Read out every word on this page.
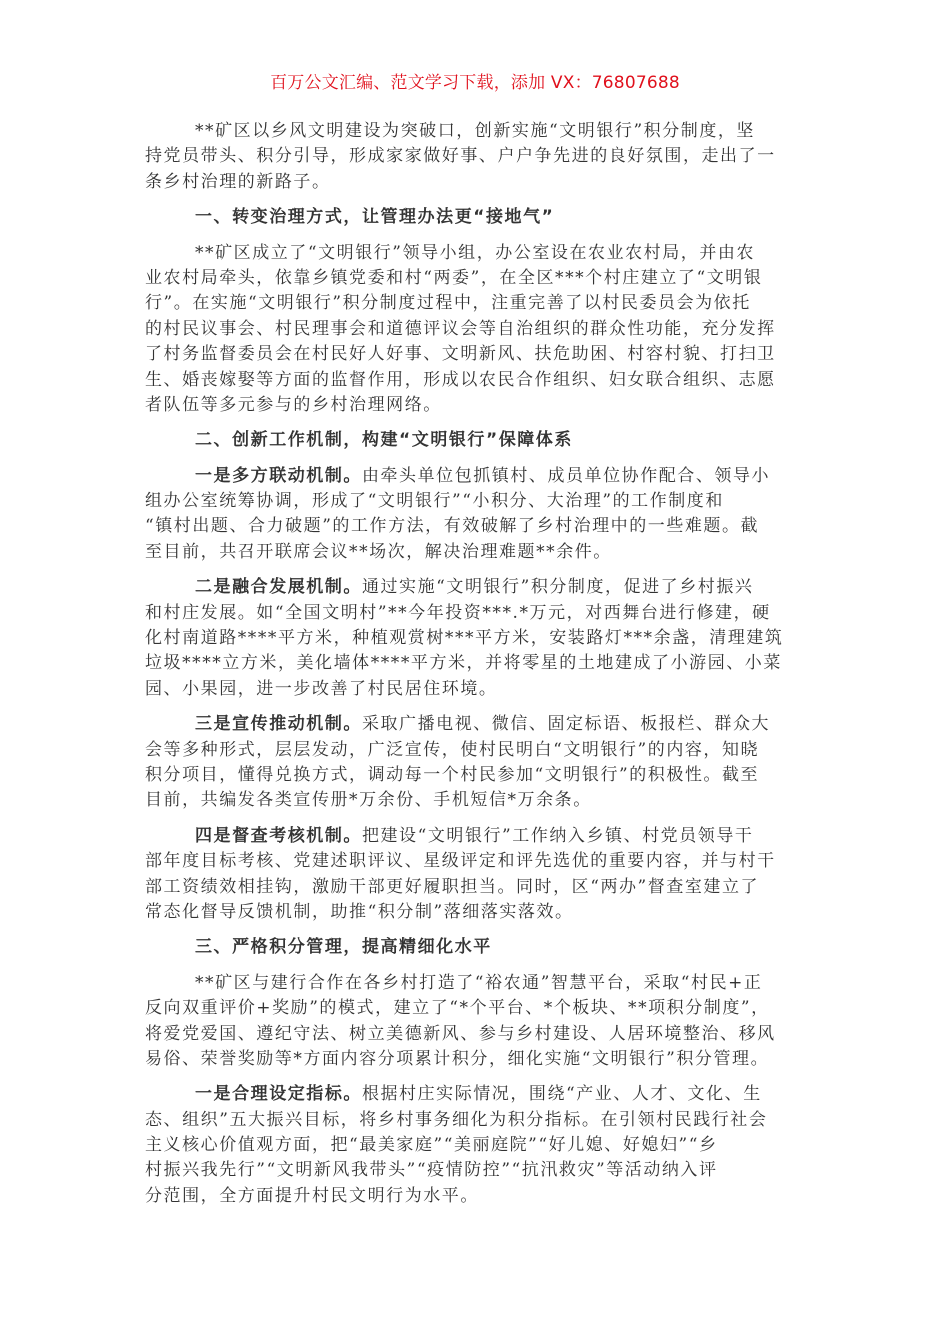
百万公文汇编、范文学习下载，添加 VX：76807688
**矿区以乡风文明建设为突破口，创新实施“文明银行”积分制度，坚
持党员带头、积分引导，形成家家做好事、户户争先进的良好氛围，走出了一
条乡村治理的新路子。
一、转变治理方式，让管理办法更“接地气”
**矿区成立了“文明银行”领导小组，办公室设在农业农村局，并由农
业农村局牵头，依靠乡镇党委和村“两委”，在全区***个村庄建立了“文明银
行”。在实施“文明银行”积分制度过程中，注重完善了以村民委员会为依托
的村民议事会、村民理事会和道德评议会等自治组织的群众性功能，充分发挥
了村务监督委员会在村民好人好事、文明新风、扶危助困、村容村貌、打扫卫
生、婚丧嫁娶等方面的监督作用，形成以农民合作组织、妇女联合组织、志愿
者队伍等多元参与的乡村治理网络。
二、创新工作机制，构建“文明银行”保障体系
一是多方联动机制。由牵头单位包抓镇村、成员单位协作配合、领导小
组办公室统筹协调，形成了“文明银行”“小积分、大治理”的工作制度和
“镇村出题、合力破题”的工作方法，有效破解了乡村治理中的一些难题。截
至目前，共召开联席会议**场次，解决治理难题**余件。
二是融合发展机制。通过实施“文明银行”积分制度，促进了乡村振兴
和村庄发展。如“全国文明村”**今年投资***.*万元，对西舞台进行修建，硬
化村南道路****平方米，种植观赏树***平方米，安装路灯***余盏，清理建筑
垃圾****立方米，美化墙体****平方米，并将零星的土地建成了小游园、小菜
园、小果园，进一步改善了村民居住环境。
三是宣传推动机制。采取广播电视、微信、固定标语、板报栏、群众大
会等多种形式，层层发动，广泛宣传，使村民明白“文明银行”的内容，知晓
积分项目，懂得兑换方式，调动每一个村民参加“文明银行”的积极性。截至
目前，共编发各类宣传册*万余份、手机短信*万余条。
四是督查考核机制。把建设“文明银行”工作纳入乡镇、村党员领导干
部年度目标考核、党建述职评议、星级评定和评先选优的重要内容，并与村干
部工资绩效相挂钩，激励干部更好履职担当。同时，区“两办”督查室建立了
常态化督导反馈机制，助推“积分制”落细落实落效。
三、严格积分管理，提高精细化水平
**矿区与建行合作在各乡村打造了“裕农通”智慧平台，采取“村民+正
反向双重评价+奖励”的模式，建立了“*个平台、*个板块、**项积分制度”，
将爱党爱国、遵纪守法、树立美德新风、参与乡村建设、人居环境整治、移风
易俗、荣誉奖励等*方面内容分项累计积分，细化实施“文明银行”积分管理。
一是合理设定指标。根据村庄实际情况，围绕“产业、人才、文化、生
态、组织”五大振兴目标，将乡村事务细化为积分指标。在引领村民践行社会
主义核心价值观方面，把“最美家庭”“美丽庭院”“好儿媳、好媳妇”“乡
村振兴我先行”“文明新风我带头”“疫情防控”“抗汛救灾”等活动纳入评
分范围，全方面提升村民文明行为水平。
